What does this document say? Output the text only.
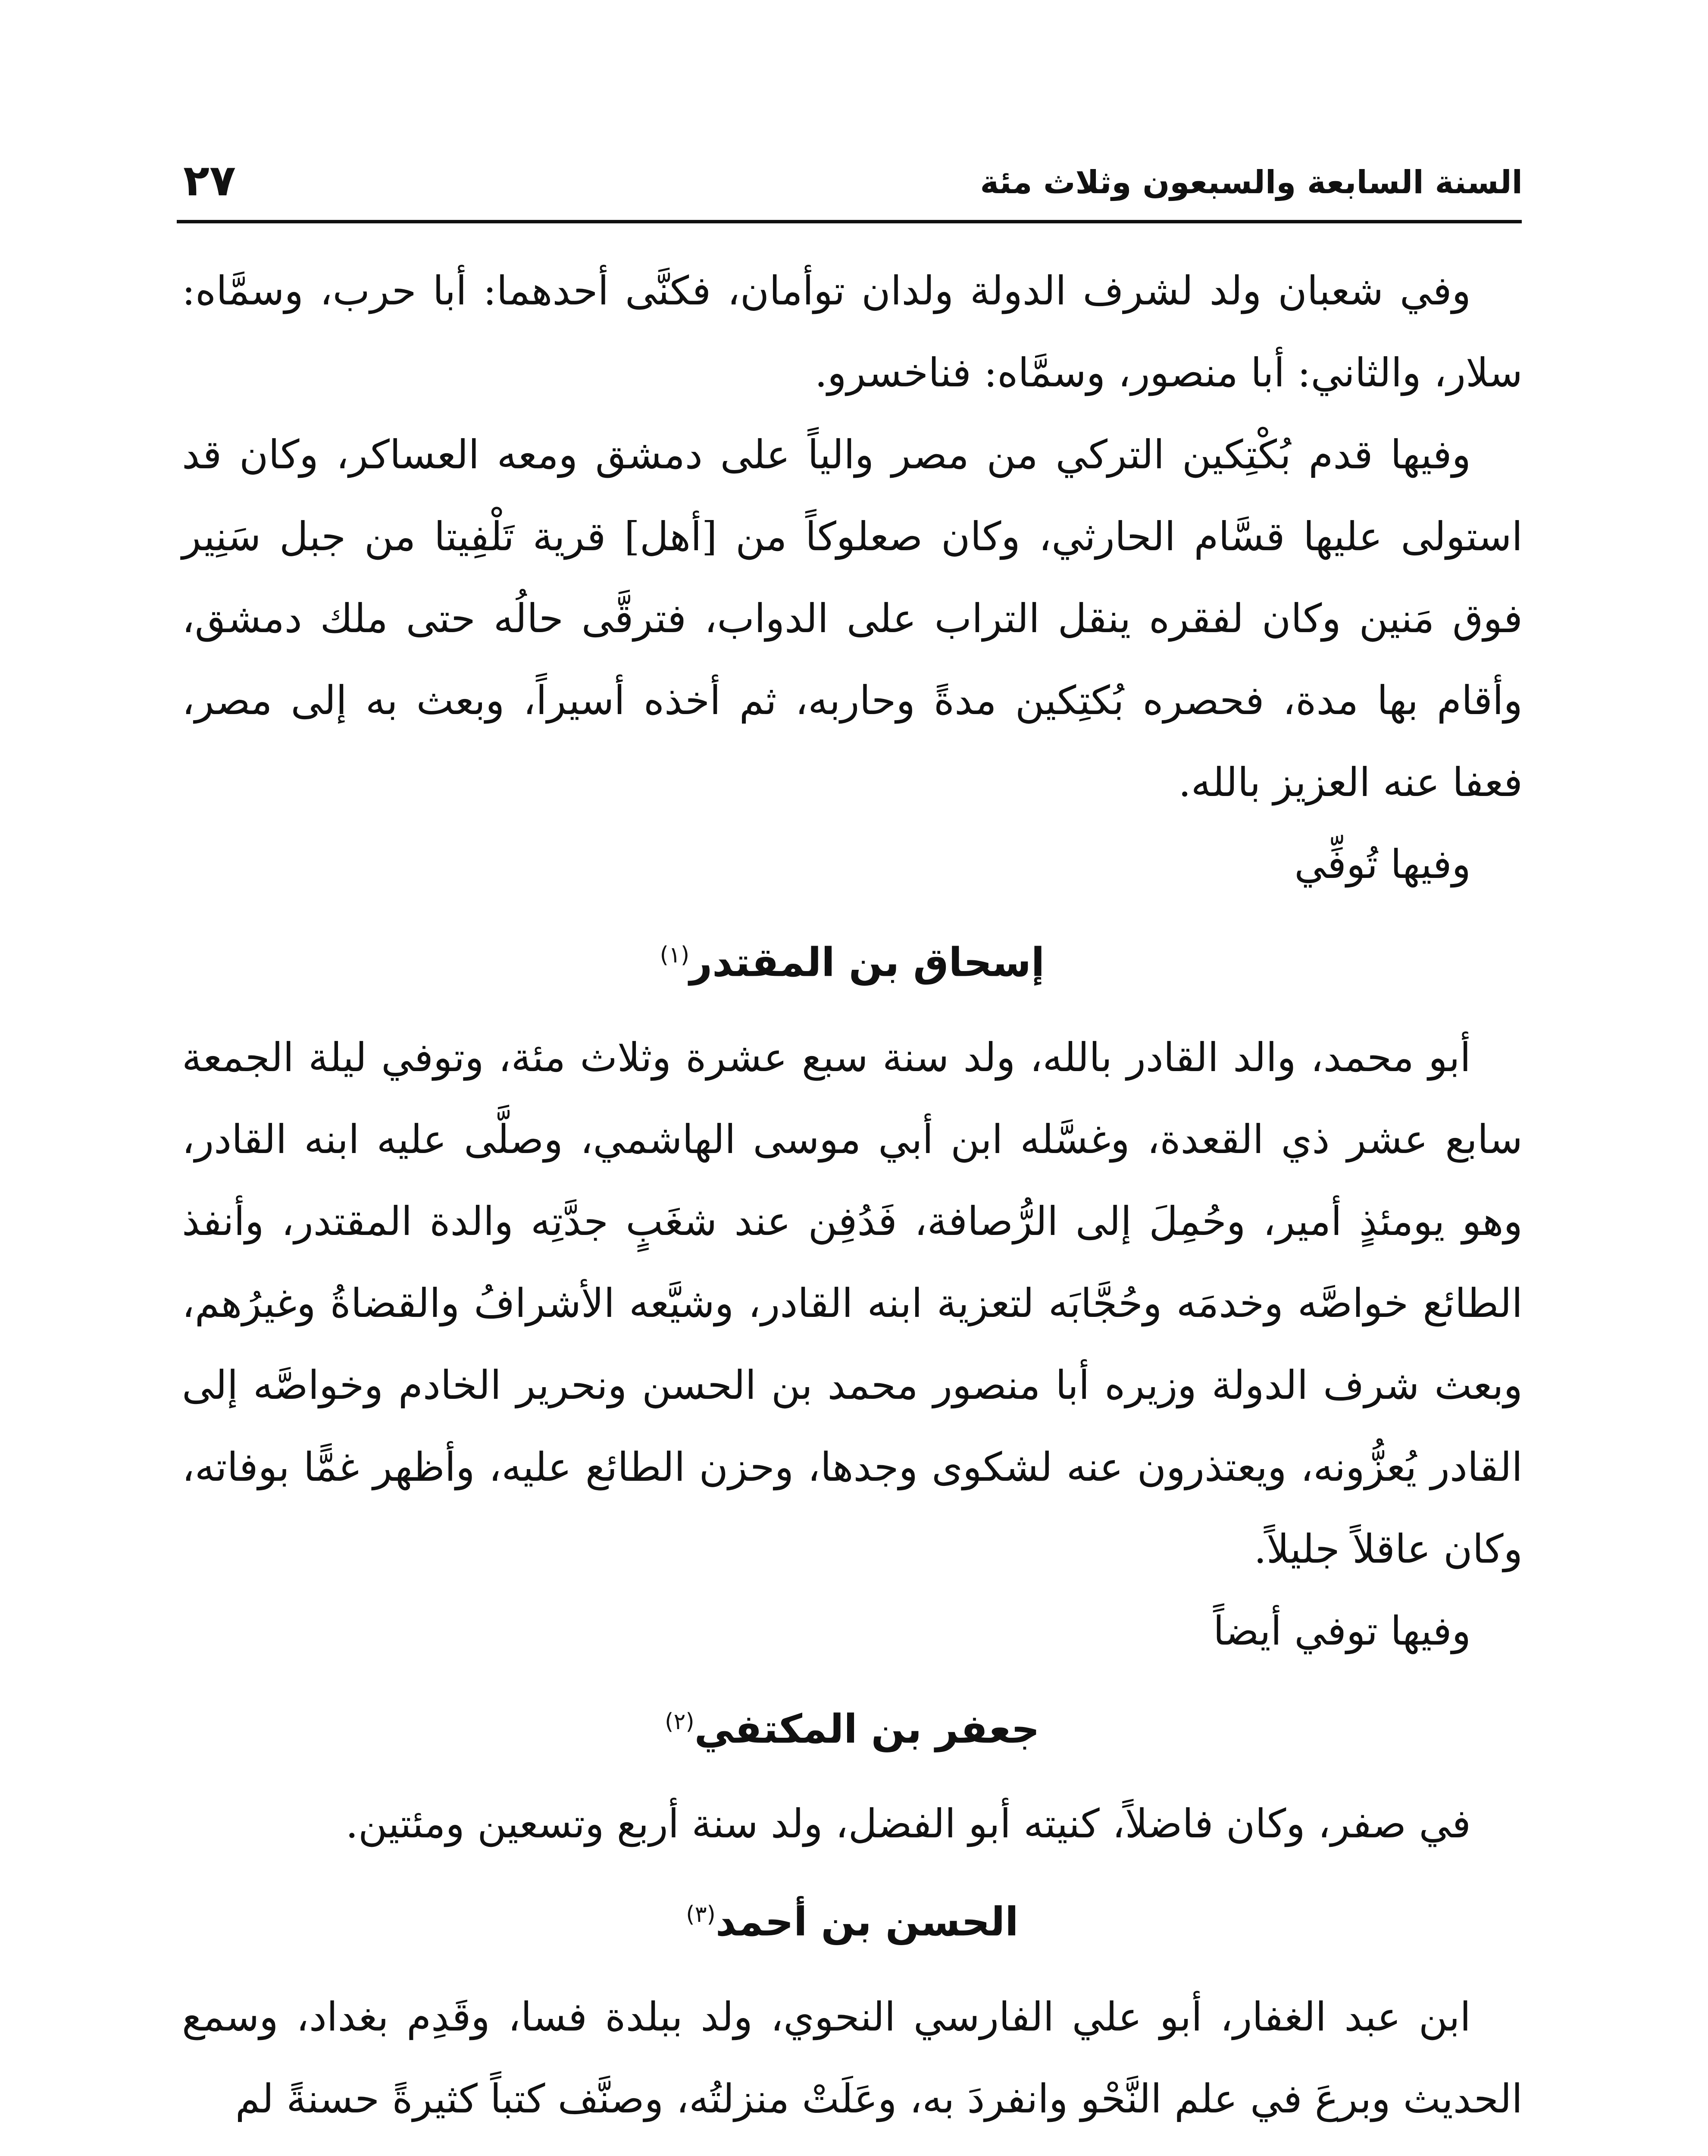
السنة السابعة والسبعون وثلاث مئة
٢٧

وفي شعبان ولد لشرف الدولة ولدان توأمان، فكنَّى أحدهما: أبا حرب، وسمَّاه: سلار، والثاني: أبا منصور، وسمَّاه: فناخسرو.

وفيها قدم بُكْتِكين التركي من مصر والياً على دمشق ومعه العساكر، وكان قد استولى عليها قسَّام الحارثي، وكان صعلوكاً من [أهل] قرية تَلْفِيتا من جبل سَنِير فوق مَنين وكان لفقره ينقل التراب على الدواب، فترقَّى حالُه حتى ملك دمشق، وأقام بها مدة، فحصره بُكتِكين مدةً وحاربه، ثم أخذه أسيراً، وبعث به إلى مصر، فعفا عنه العزيز بالله.

وفيها تُوفِّي

إسحاق بن المقتدر$^{(١)}$

أبو محمد، والد القادر بالله، ولد سنة سبع عشرة وثلاث مئة، وتوفي ليلة الجمعة سابع عشر ذي القعدة، وغسَّله ابن أبي موسى الهاشمي، وصلَّى عليه ابنه القادر، وهو يومئذٍ أمير، وحُمِلَ إلى الرُّصافة، فَدُفِن عند شغَبٍ جدَّتِه والدة المقتدر، وأنفذ الطائع خواصَّه وخدمَه وحُجَّابَه لتعزية ابنه القادر، وشيَّعه الأشرافُ والقضاةُ وغيرُهم، وبعث شرف الدولة وزيره أبا منصور محمد بن الحسن ونحرير الخادم وخواصَّه إلى القادر يُعزُّونه، ويعتذرون عنه لشكوى وجدها، وحزن الطائع عليه، وأظهر غمًّا بوفاته، وكان عاقلاً جليلاً.

وفيها توفي أيضاً

جعفر بن المكتفي$^{(٢)}$

في صفر، وكان فاضلاً، كنيته أبو الفضل، ولد سنة أربع وتسعين ومئتين.

الحسن بن أحمد$^{(٣)}$

ابن عبد الغفار، أبو علي الفارسي النحوي، ولد ببلدة فسا، وقَدِم بغداد، وسمع الحديث وبرعَ في علم النَّحْو وانفردَ به، وعَلَتْ منزلتُه، وصنَّف كتباً كثيرةً حسنةً لم
